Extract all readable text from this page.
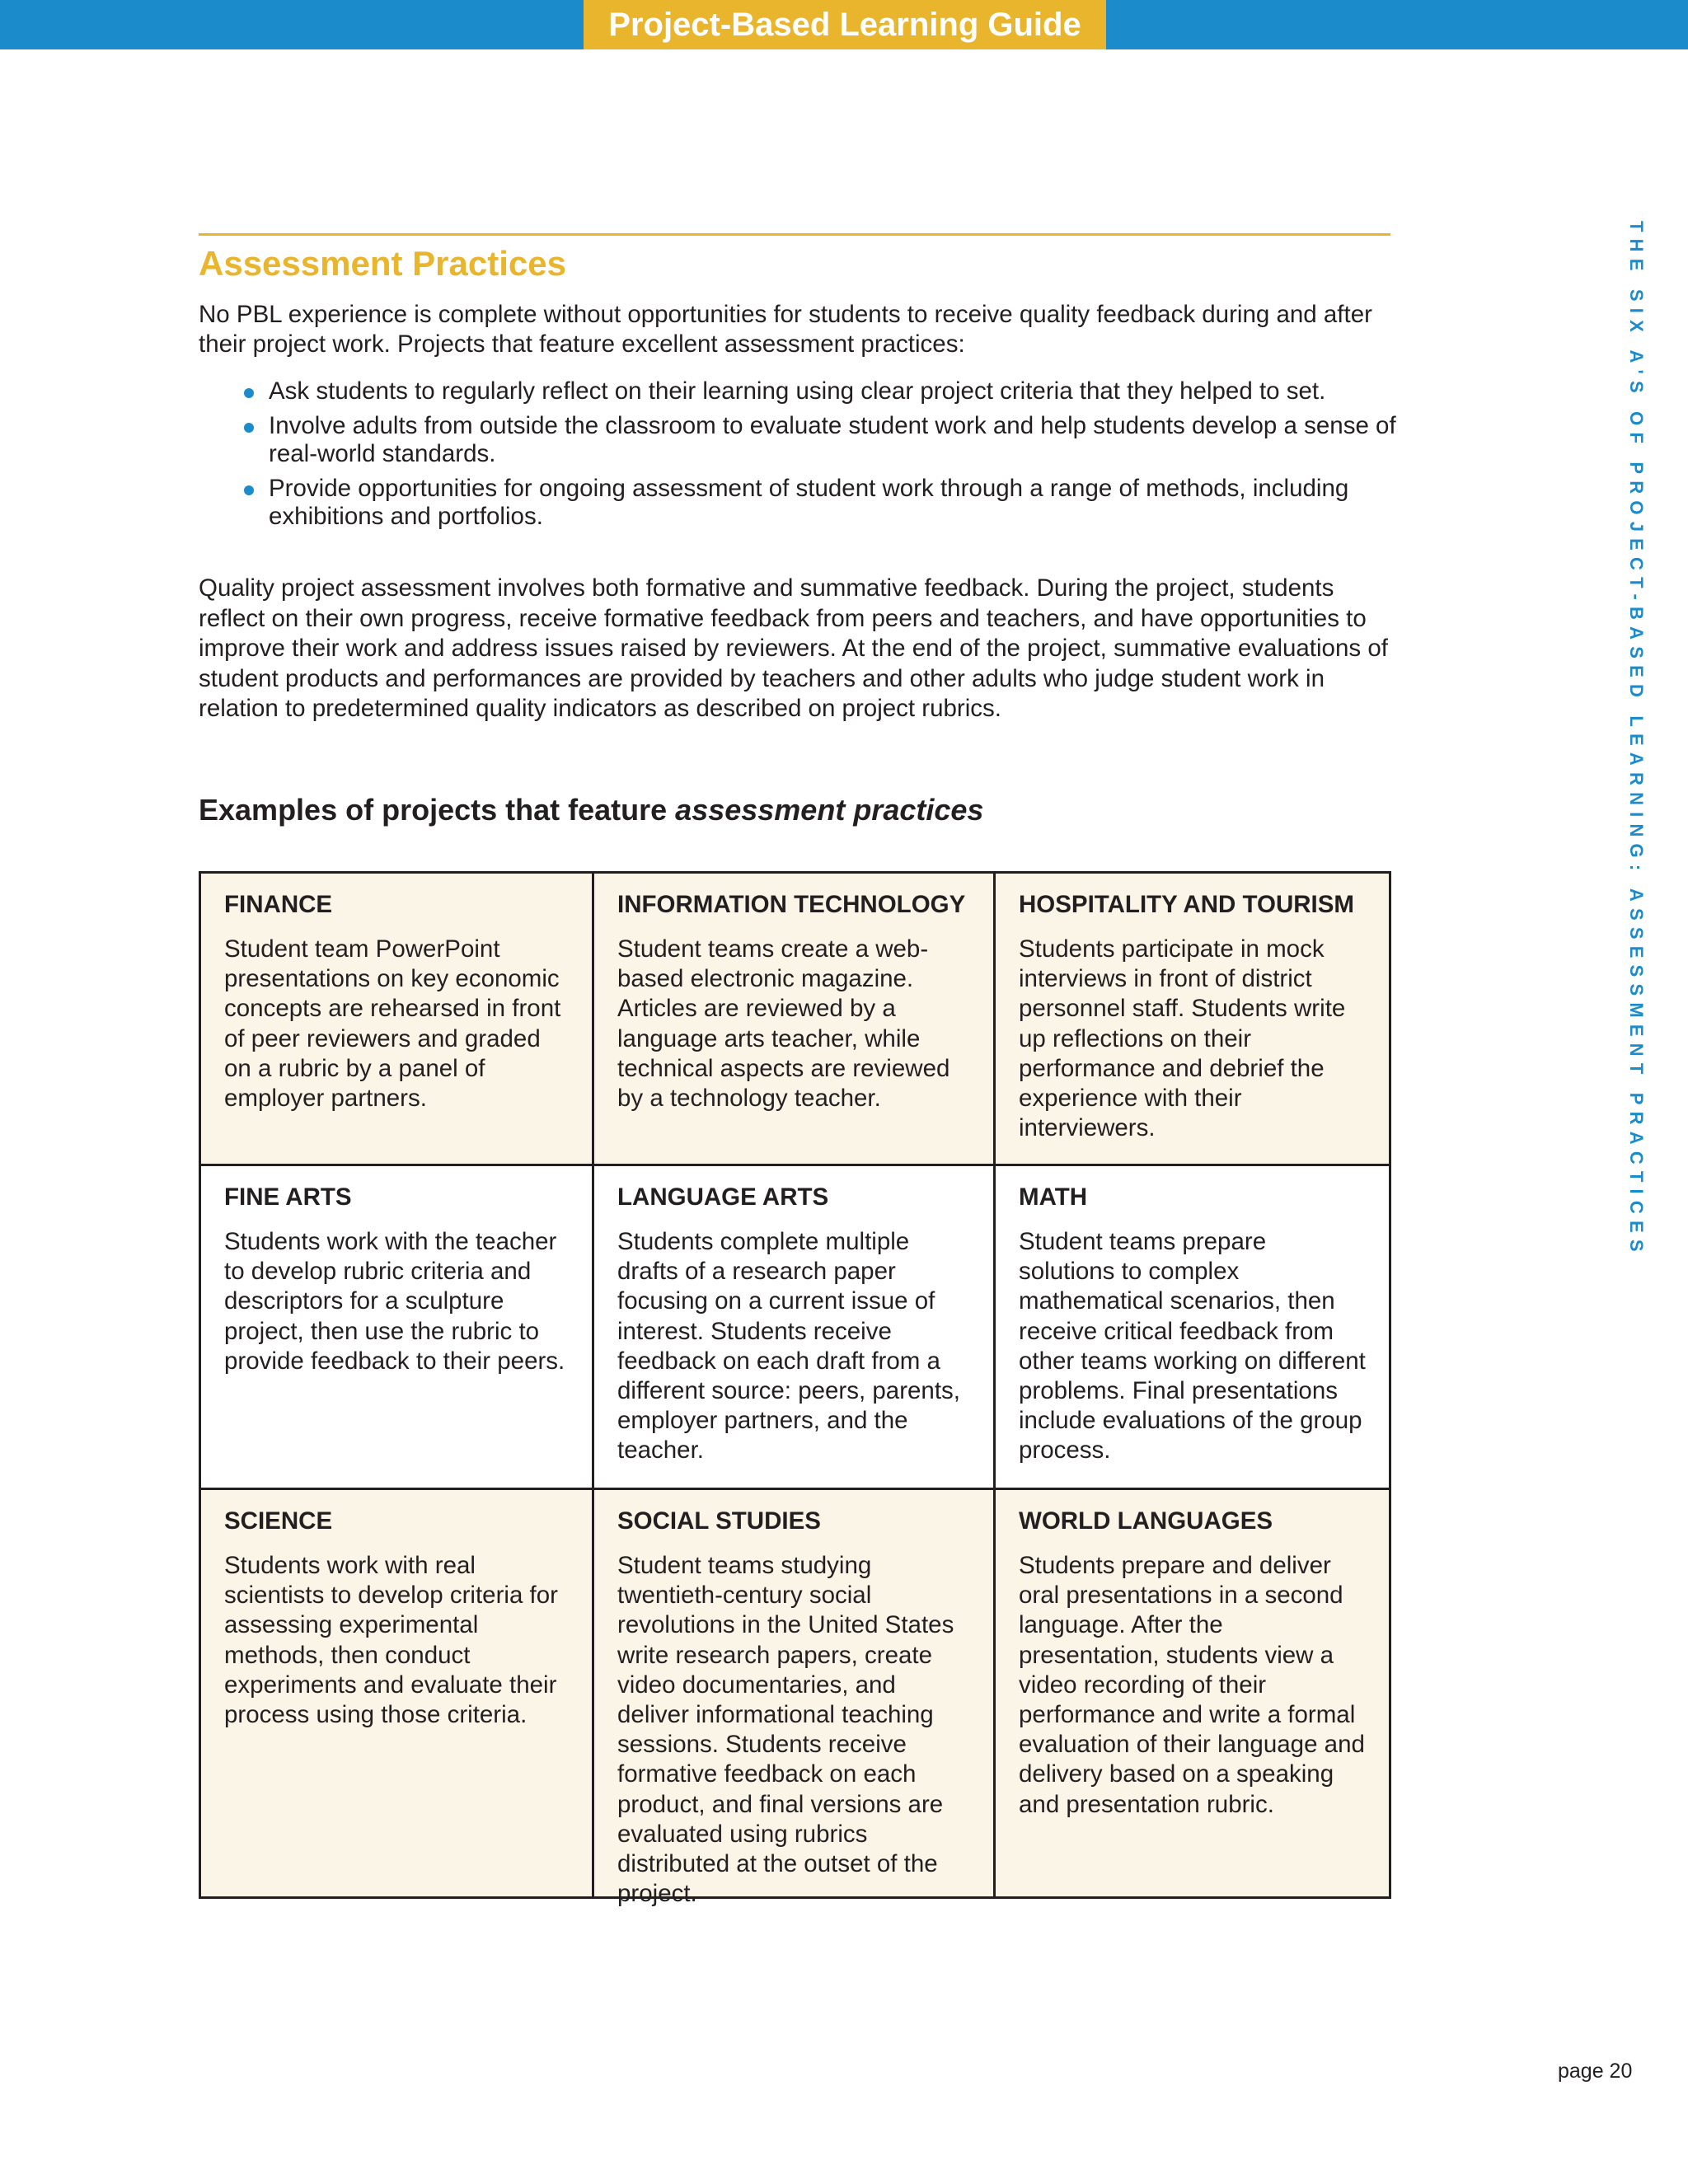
Project-Based Learning Guide
THE SIX A'S OF PROJECT-BASED LEARNING: ASSESSMENT PRACTICES
Assessment Practices

No PBL experience is complete without opportunities for students to receive quality feedback during and after their project work. Projects that feature excellent assessment practices:

Ask students to regularly reflect on their learning using clear project criteria that they helped to set.
Involve adults from outside the classroom to evaluate student work and help students develop a sense of real-world standards.
Provide opportunities for ongoing assessment of student work through a range of methods, including exhibitions and portfolios.

Quality project assessment involves both formative and summative feedback. During the project, students reflect on their own progress, receive formative feedback from peers and teachers, and have opportunities to improve their work and address issues raised by reviewers. At the end of the project, summative evaluations of student products and performances are provided by teachers and other adults who judge student work in relation to predetermined quality indicators as described on project rubrics.

Examples of projects that feature assessment practices
FINANCE
Student team PowerPoint presentations on key economic concepts are rehearsed in front of peer reviewers and graded on a rubric by a panel of employer partners.
INFORMATION TECHNOLOGY
Student teams create a web-based electronic magazine. Articles are reviewed by a language arts teacher, while technical aspects are reviewed by a technology teacher.
HOSPITALITY AND TOURISM
Students participate in mock interviews in front of district personnel staff. Students write up reflections on their performance and debrief the experience with their interviewers.
FINE ARTS
Students work with the teacher to develop rubric criteria and descriptors for a sculpture project, then use the rubric to provide feedback to their peers.
LANGUAGE ARTS
Students complete multiple drafts of a research paper focusing on a current issue of interest. Students receive feedback on each draft from a different source: peers, parents, employer partners, and the teacher.
MATH
Student teams prepare solutions to complex mathematical scenarios, then receive critical feedback from other teams working on different problems. Final presentations include evaluations of the group process.
SCIENCE
Students work with real scientists to develop criteria for assessing experimental methods, then conduct experiments and evaluate their process using those criteria.
SOCIAL STUDIES
Student teams studying twentieth-century social revolutions in the United States write research papers, create video documentaries, and deliver informational teaching sessions. Students receive formative feedback on each product, and final versions are evaluated using rubrics distributed at the outset of the project.
WORLD LANGUAGES
Students prepare and deliver oral presentations in a second language. After the presentation, students view a video recording of their performance and write a formal evaluation of their language and delivery based on a speaking and presentation rubric.
page 20
